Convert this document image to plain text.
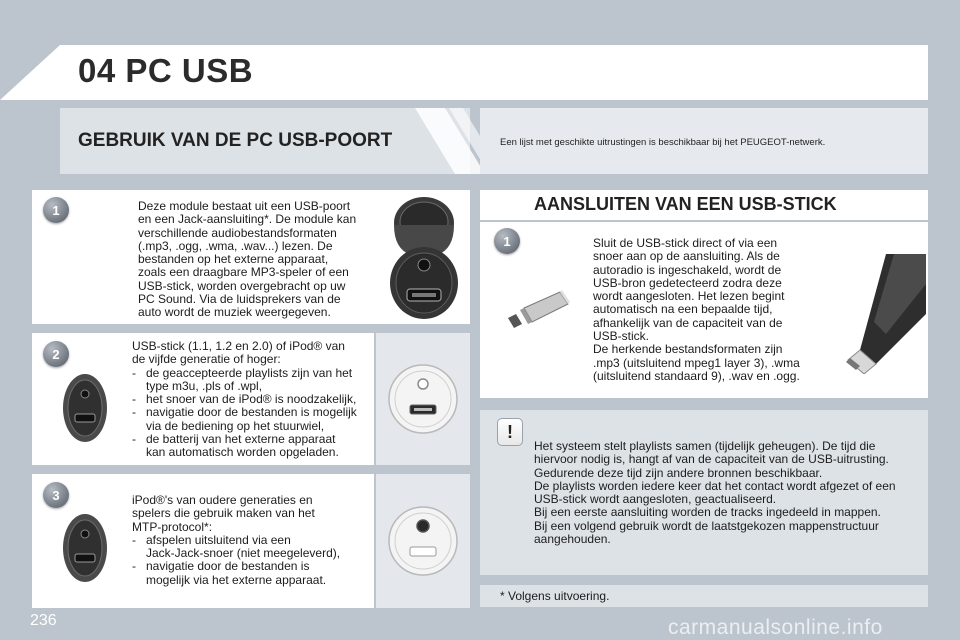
04 PC USB
GEBRUIK VAN DE PC USB-POORT	Een lijst met geschikte uitrustingen is beschikbaar bij het PEUGEOT-netwerk.
1	Deze module bestaat uit een USB-poort
en een Jack-aansluiting*. De module kan
verschillende audiobestandsformaten
(.mp3, .ogg, .wma, .wav...) lezen. De
bestanden op het externe apparaat,
zoals een draagbare MP3-speler of een
USB-stick, worden overgebracht op uw
PC Sound. Via de luidsprekers van de
auto wordt de muziek weergegeven.
2
USB-stick (1.1, 1.2 en 2.0) of iPod® van
de vijfde generatie of hoger:
- de geaccepteerde playlists zijn van het
type m3u, .pls of .wpl,
- het snoer van de iPod® is noodzakelijk,
- navigatie door de bestanden is mogelijk
via de bediening op het stuurwiel,
- de batterij van het externe apparaat
kan automatisch worden opgeladen.
3	iPod®'s van oudere generaties en
spelers die gebruik maken van het
MTP-protocol*:
- afspelen uitsluitend via een
Jack-Jack-snoer (niet meegeleverd),
- navigatie door de bestanden is
mogelijk via het externe apparaat.
AANSLUITEN VAN EEN USB-STICK
1	Sluit de USB-stick direct of via een
snoer aan op de aansluiting. Als de
autoradio is ingeschakeld, wordt de
USB-bron gedetecteerd zodra deze
wordt aangesloten. Het lezen begint
automatisch na een bepaalde tijd,
afhankelijk van de capaciteit van de
USB-stick.
De herkende bestandsformaten zijn
.mp3 (uitsluitend mpeg1 layer 3), .wma
(uitsluitend standaard 9), .wav en .ogg.
!
Het systeem stelt playlists samen (tijdelijk geheugen). De tijd die
hiervoor nodig is, hangt af van de capaciteit van de USB-uitrusting.
Gedurende deze tijd zijn andere bronnen beschikbaar.
De playlists worden iedere keer dat het contact wordt afgezet of een
USB-stick wordt aangesloten, geactualiseerd.
Bij een eerste aansluiting worden de tracks ingedeeld in mappen.
Bij een volgend gebruik wordt de laatstgekozen mappenstructuur
aangehouden.
* Volgens uitvoering.
236	carmanualsonline.info
